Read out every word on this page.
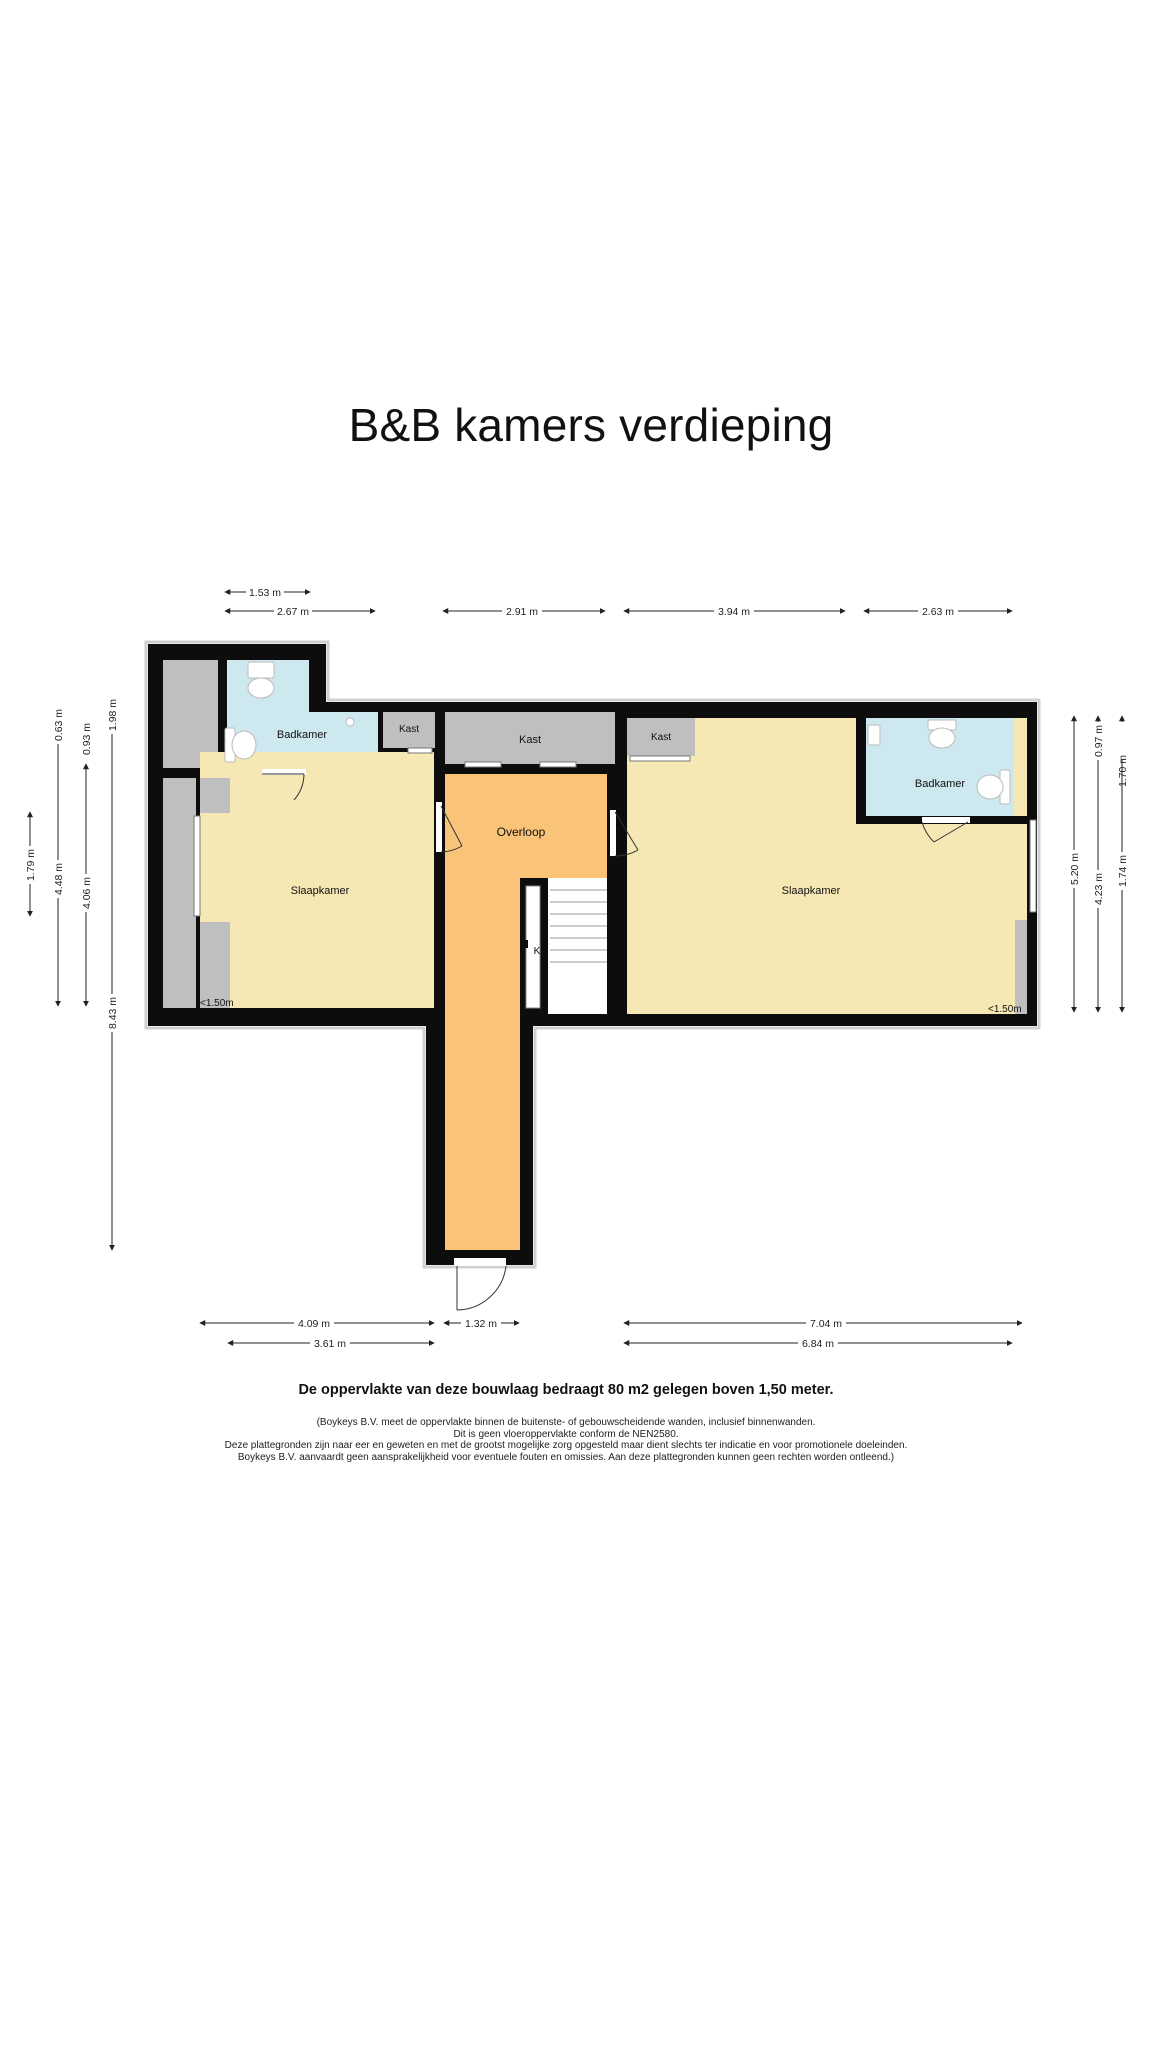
B&B kamers verdieping
Badkamer	Kast
Kast	Kast
Badkamer
Overloop
Slaapkamer	Slaapkamer
K
<1.50m
<1.50m
1.53 m
2.67 m	2.91 m	3.94 m	2.63 m
4.09 m
3.61 m
1.32 m	7.04 m
6.84 m
1.79 m
0.63 m
4.48 m
0.93 m
4.06 m
1.98 m
8.43 m
5.20 m
0.97 m
4.23 m
1.70 m
1.74 m
De oppervlakte van deze bouwlaag bedraagt 80 m2 gelegen boven 1,50 meter.
(Boykeys B.V. meet de oppervlakte binnen de buitenste- of gebouwscheidende wanden, inclusief binnenwanden.
Dit is geen vloeroppervlakte conform de NEN2580.
Deze plattegronden zijn naar eer en geweten en met de grootst mogelijke zorg opgesteld maar dient slechts ter indicatie en voor promotionele doeleinden.
Boykeys B.V. aanvaardt geen aansprakelijkheid voor eventuele fouten en omissies. Aan deze plattegronden kunnen geen rechten worden ontleend.)
